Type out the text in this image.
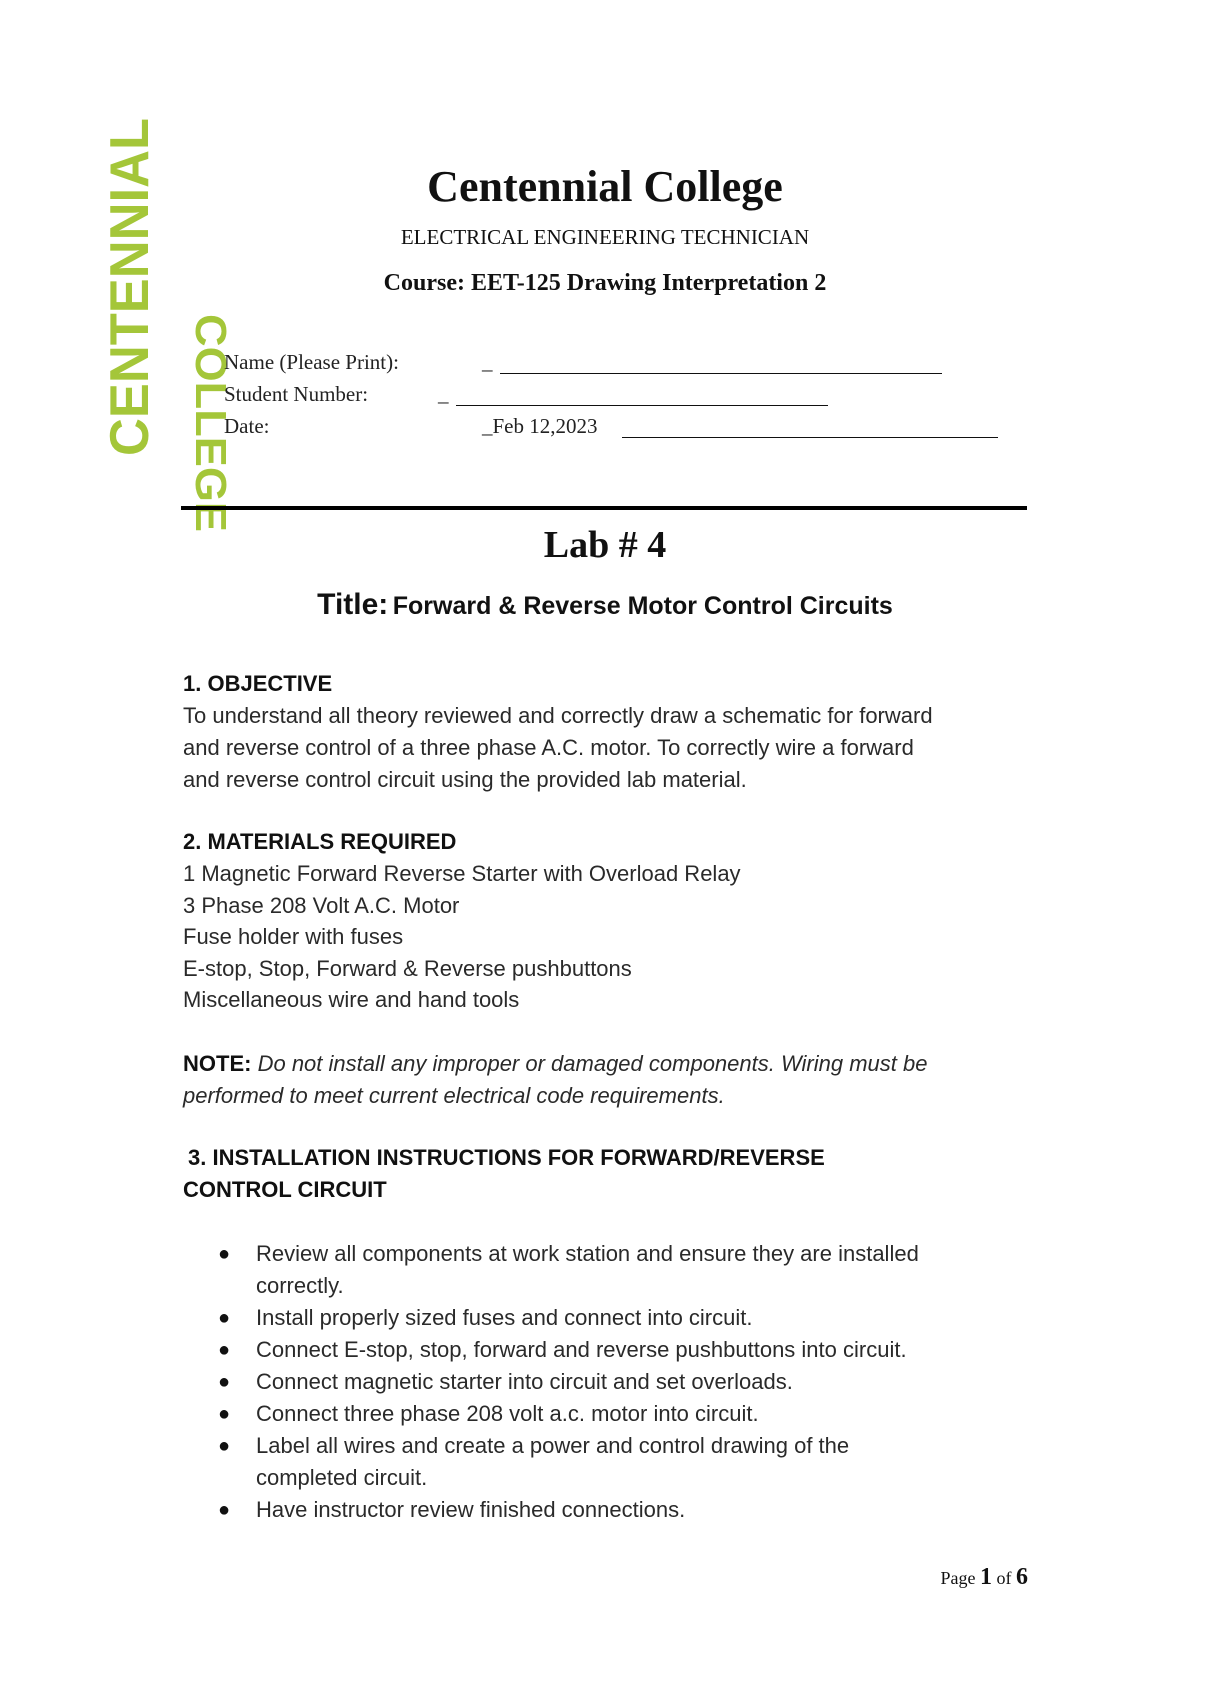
CENTENNIAL COLLEGE
Centennial College
ELECTRICAL ENGINEERING TECHNICIAN
Course: EET-125 Drawing Interpretation 2
Name (Please Print):	_
Student Number:	_
Date:	_Feb 12,2023
Lab # 4
Title: Forward & Reverse Motor Control Circuits
1. OBJECTIVE
To understand all theory reviewed and correctly draw a schematic for forward
and reverse control of a three phase A.C. motor. To correctly wire a forward
and reverse control circuit using the provided lab material.
2. MATERIALS REQUIRED
1 Magnetic Forward Reverse Starter with Overload Relay
3 Phase 208 Volt A.C. Motor
Fuse holder with fuses
E-stop, Stop, Forward & Reverse pushbuttons
Miscellaneous wire and hand tools
NOTE: Do not install any improper or damaged components. Wiring must be
performed to meet current electrical code requirements.
3. INSTALLATION INSTRUCTIONS FOR FORWARD/REVERSE
CONTROL CIRCUIT
● Review all components at work station and ensure they are installed
correctly.
● Install properly sized fuses and connect into circuit.
● Connect E-stop, stop, forward and reverse pushbuttons into circuit.
● Connect magnetic starter into circuit and set overloads.
● Connect three phase 208 volt a.c. motor into circuit.
● Label all wires and create a power and control drawing of the
completed circuit.
● Have instructor review finished connections.
Page 1 of 6
